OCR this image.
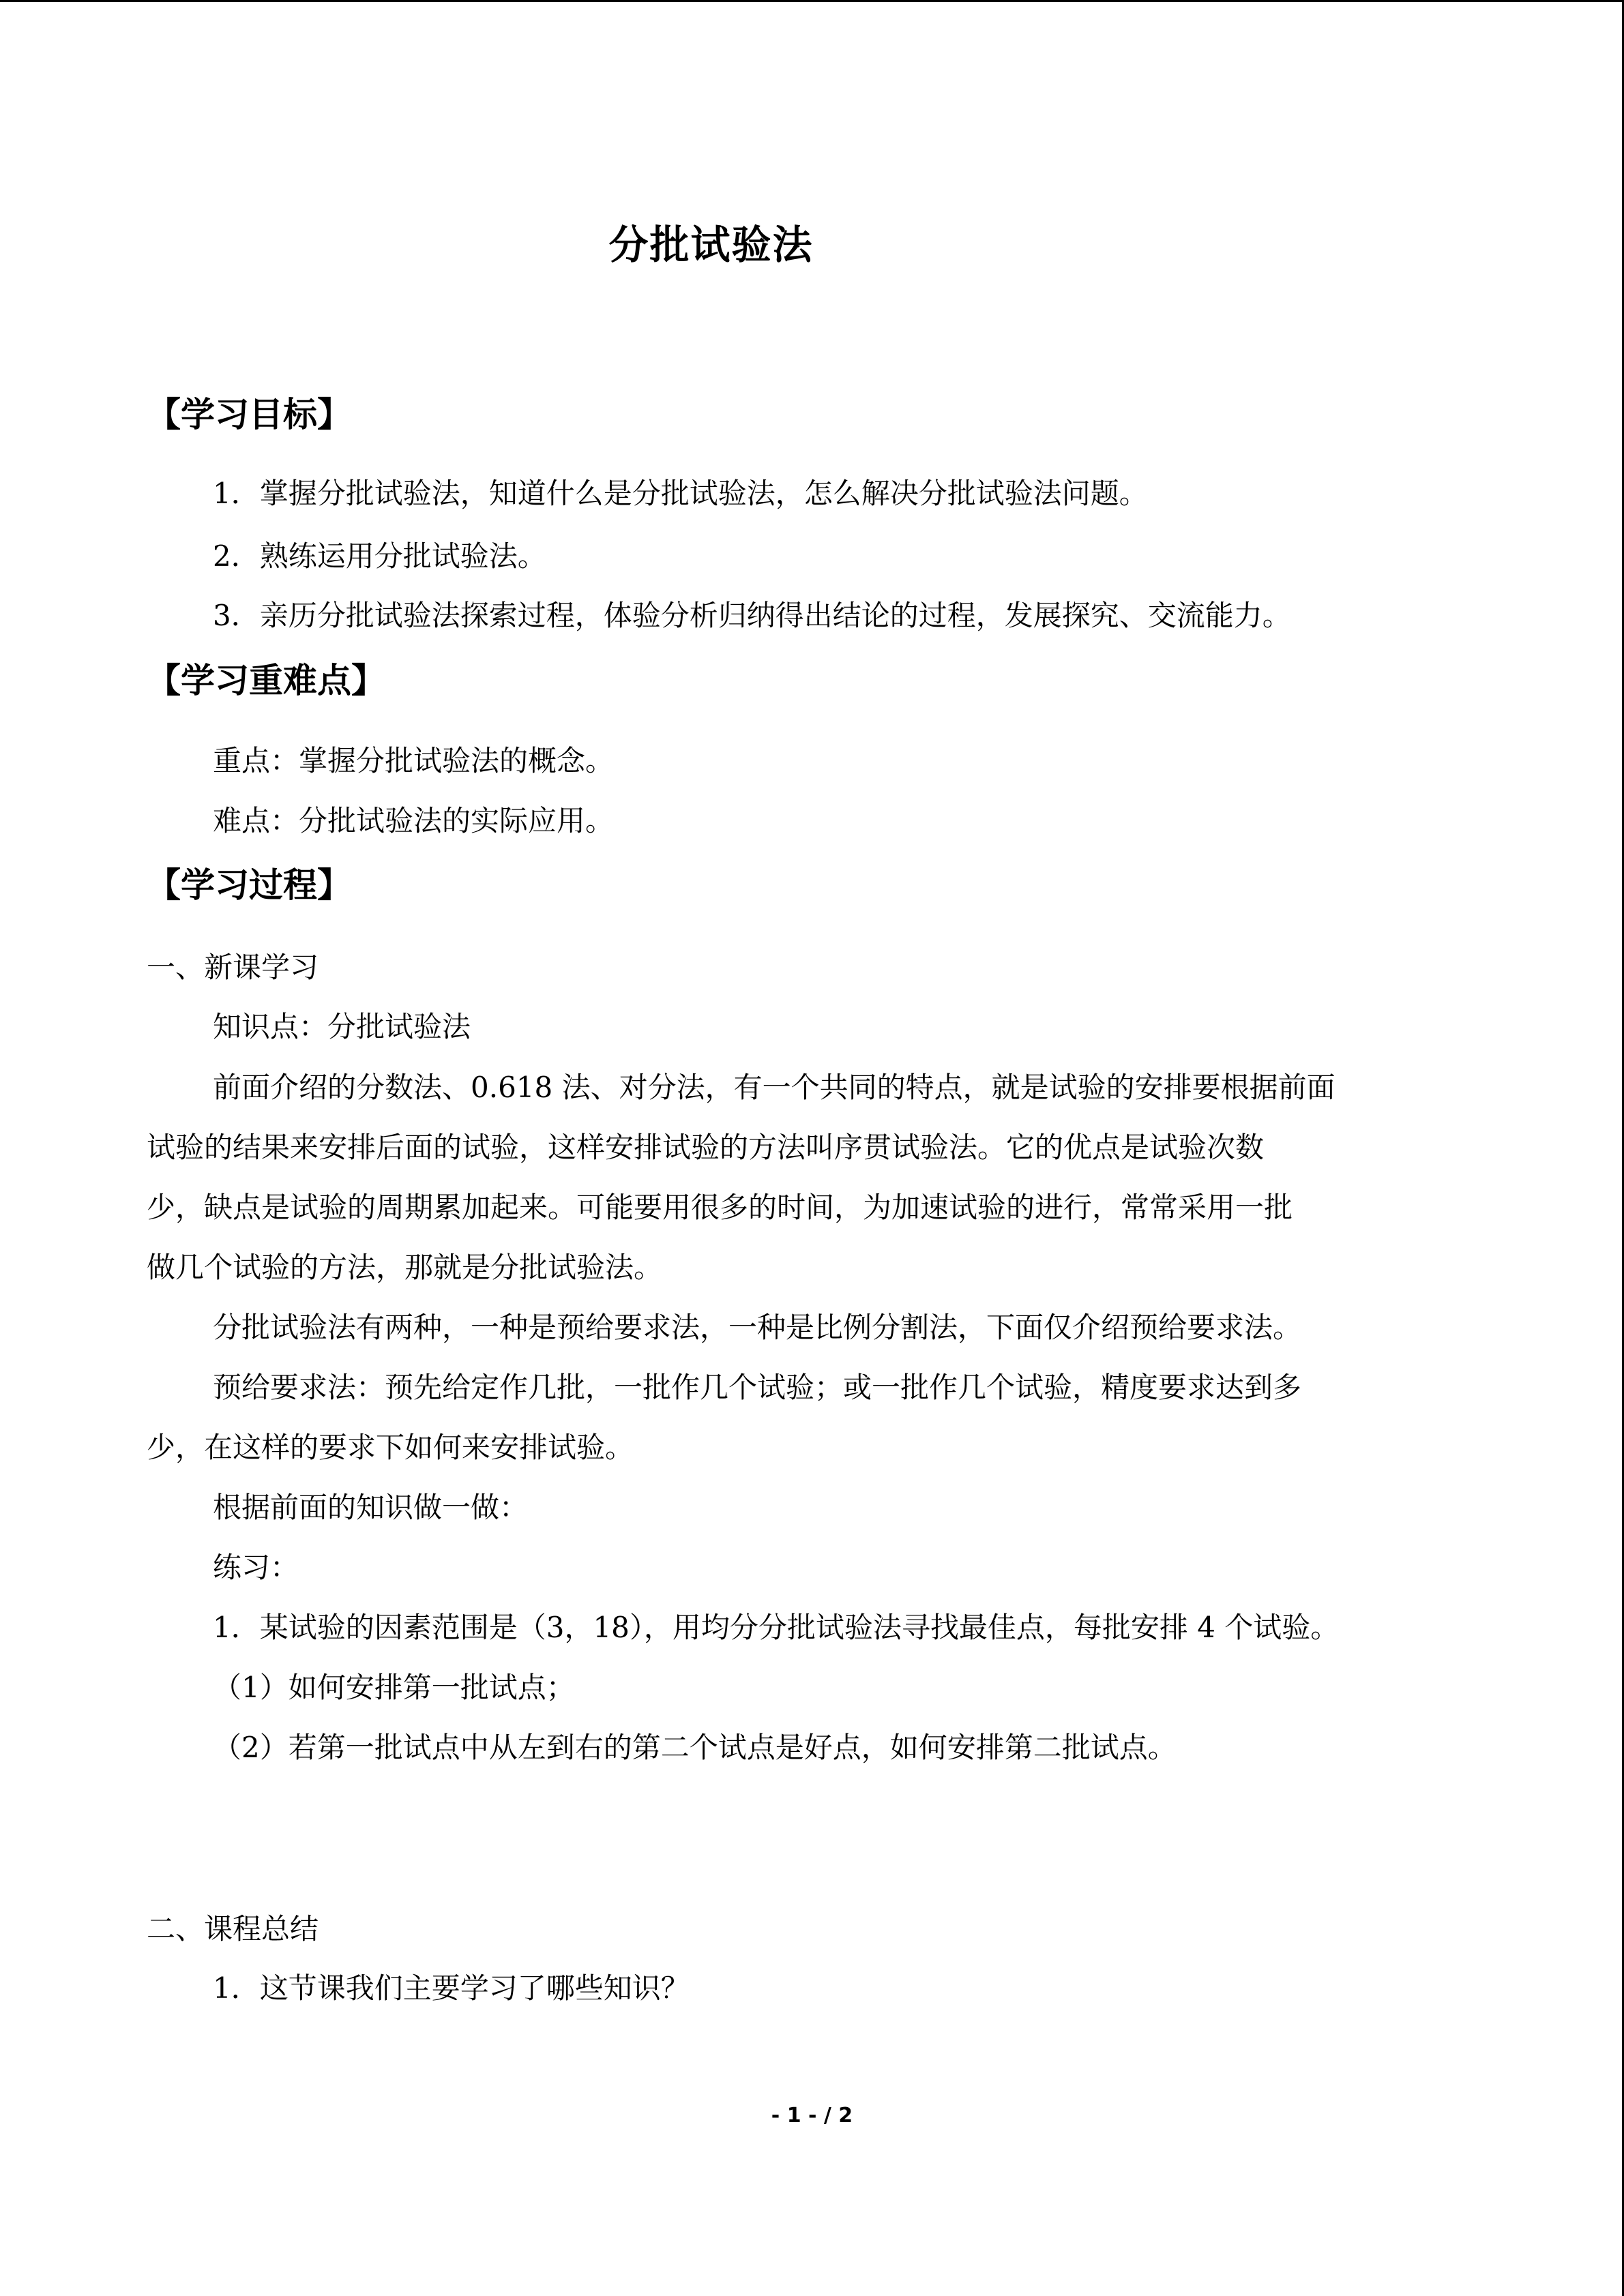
分批试验法
【学习目标】
1．掌握分批试验法，知道什么是分批试验法，怎么解决分批试验法问题。
2．熟练运用分批试验法。
3．亲历分批试验法探索过程，体验分析归纳得出结论的过程，发展探究、交流能力。
【学习重难点】
重点：掌握分批试验法的概念。
难点：分批试验法的实际应用。
【学习过程】
一、新课学习
知识点：分批试验法
前面介绍的分数法、0.618 法、对分法，有一个共同的特点，就是试验的安排要根据前面
试验的结果来安排后面的试验，这样安排试验的方法叫序贯试验法。它的优点是试验次数
少，缺点是试验的周期累加起来。可能要用很多的时间，为加速试验的进行，常常采用一批
做几个试验的方法，那就是分批试验法。
分批试验法有两种，一种是预给要求法，一种是比例分割法，下面仅介绍预给要求法。
预给要求法：预先给定作几批，一批作几个试验；或一批作几个试验，精度要求达到多
少，在这样的要求下如何来安排试验。
根据前面的知识做一做：
练习：
1．某试验的因素范围是（3，18），用均分分批试验法寻找最佳点，每批安排 4 个试验。
（1）如何安排第一批试点；
（2）若第一批试点中从左到右的第二个试点是好点，如何安排第二批试点。
二、课程总结
1．这节课我们主要学习了哪些知识？
- 1 - / 2
